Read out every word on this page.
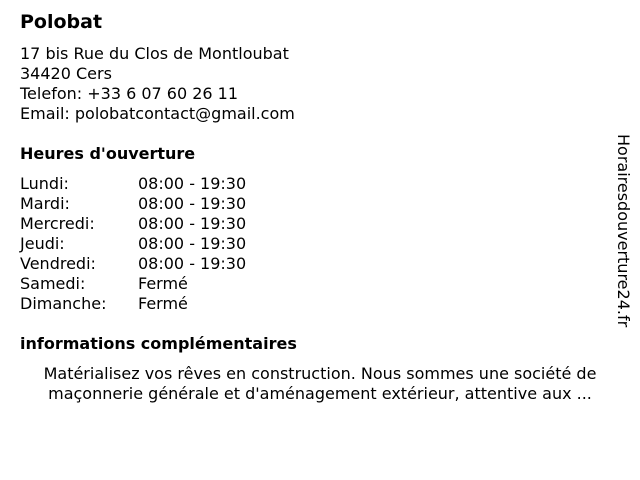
Polobat
17 bis Rue du Clos de Montloubat
34420 Cers
Telefon: +33 6 07 60 26 11
Email: polobatcontact@gmail.com
Heures d'ouverture
Lundi:	08:00 - 19:30
Mardi:	08:00 - 19:30
Mercredi:	08:00 - 19:30
Jeudi:	08:00 - 19:30
Vendredi:	08:00 - 19:30
Samedi:	Fermé
Dimanche:	Fermé
informations complémentaires
Matérialisez vos rêves en construction. Nous sommes une société de maçonnerie générale et d'aménagement extérieur, attentive aux ...
Horairesdouverture24.fr
